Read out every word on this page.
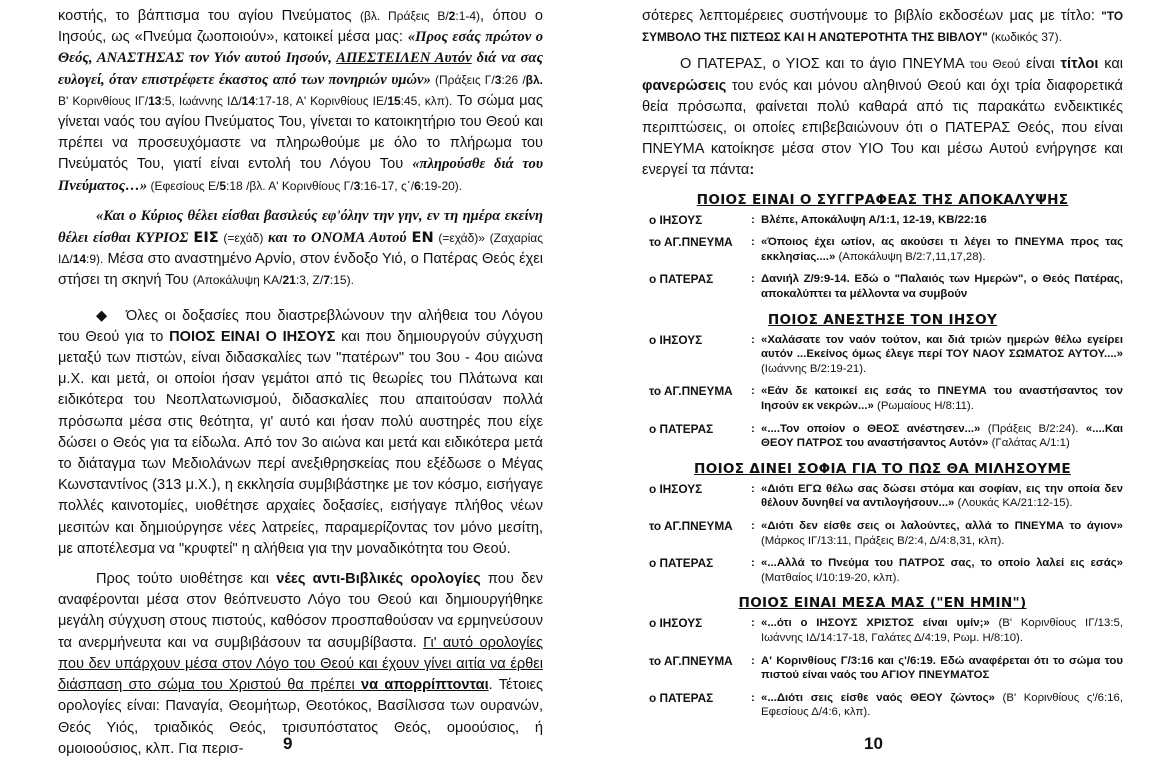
κοστής, το βάπτισμα του αγίου Πνεύματος (βλ. Πράξεις Β/2:1-4), όπου ο Ιησούς, ως «Πνεύμα ζωοποιούν», κατοικεί μέσα μας: «Προς εσάς πρώτον ο Θεός, ΑΝΑΣΤΗΣΑΣ τον Υιόν αυτού Ιησούν, ΑΠΕΣΤΕΙΛΕΝ Αυτόν διά να σας ευλογεί, όταν επιστρέφετε έκαστος από των πονηριών υμών» (Πράξεις Γ/3:26 /βλ. Β' Κορινθίους ΙΓ/13:5, Ιωάννης ΙΔ/14:17-18, Α' Κορινθίους ΙΕ/15:45, κλπ). Το σώμα μας γίνεται ναός του αγίου Πνεύματος Του, γίνεται το κατοικητήριο του Θεού και πρέπει να προσευχόμαστε να πληρωθούμε με όλο το πλήρωμα του Πνεύματός Του, γιατί είναι εντολή του Λόγου Του «πληρούσθε διά του Πνεύματος…» (Εφεσίους Ε/5:18 /βλ. Α' Κορινθίους Γ/3:16-17, ς΄/6:19-20).

«Και ο Κύριος θέλει είσθαι βασιλεύς εφ'όλην την γην, εν τη ημέρα εκείνη θέλει είσθαι ΚΥΡΙΟΣ ΕΙΣ (=εχάδ) και το ΟΝΟΜΑ Αυτού ΕΝ (=εχάδ)» (Ζαχαρίας ΙΔ/14:9). Μέσα στο αναστημένο Αρνίο, στον ένδοξο Υιό, ο Πατέρας Θεός έχει στήσει τη σκηνή Του (Αποκάλυψη ΚΑ/21:3, Ζ/7:15).

◆ Όλες οι δοξασίες που διαστρεβλώνουν την αλήθεια του Λόγου του Θεού για το ΠΟΙΟΣ ΕΙΝΑΙ Ο ΙΗΣΟΥΣ και που δημιουργούν σύγχυση μεταξύ των πιστών, είναι διδασκαλίες των "πατέρων" του 3ου - 4ου αιώνα μ.Χ. και μετά, οι οποίοι ήσαν γεμάτοι από τις θεωρίες του Πλάτωνα και ειδικότερα του Νεοπλατωνισμού, διδασκαλίες που απαιτούσαν πολλά πρόσωπα μέσα στις θεότητα, γι' αυτό και ήσαν πολύ αυστηρές που είχε δώσει ο Θεός για τα είδωλα. Από τον 3ο αιώνα και μετά και ειδικότερα μετά το διάταγμα των Μεδιολάνων περί ανεξιθρησκείας που εξέδωσε ο Μέγας Κωνσταντίνος (313 μ.Χ.), η εκκλησία συμβιβάστηκε με τον κόσμο, εισήγαγε πολλές καινοτομίες, υιοθέτησε αρχαίες δοξασίες, εισήγαγε πλήθος νέων μεσιτών και δημιούργησε νέες λατρείες, παραμερίζοντας τον μόνο μεσίτη, με αποτέλεσμα να "κρυφτεί" η αλήθεια για την μοναδικότητα του Θεού.

Προς τούτο υιοθέτησε και νέες αντι-Βιβλικές ορολογίες που δεν αναφέρονται μέσα στον θεόπνευστο Λόγο του Θεού και δημιουργήθηκε μεγάλη σύγχυση στους πιστούς, καθόσον προσπαθούσαν να ερμηνεύσουν τα ανερμήνευτα και να συμβιβάσουν τα ασυμβίβαστα. Γι' αυτό ορολογίες που δεν υπάρχουν μέσα στον Λόγο του Θεού και έχουν γίνει αιτία να έρθει διάσπαση στο σώμα του Χριστού θα πρέπει να απορρίπτονται. Τέτοιες ορολογίες είναι: Παναγία, Θεομήτωρ, Θεοτόκος, Βασίλισσα των ουρανών, Θεός Υιός, τριαδικός Θεός, τρισυπόστατος Θεός, ομοούσιος, ή ομοιοούσιος, κλπ. Για περισ-	9

σότερες λεπτομέρειες συστήνουμε το βιβλίο εκδοσέων μας με τίτλο: "ΤΟ ΣΥΜΒΟΛΟ ΤΗΣ ΠΙΣΤΕΩΣ ΚΑΙ Η ΑΝΩΤΕΡΟΤΗΤΑ ΤΗΣ ΒΙΒΛΟΥ" (κωδικός 37).

Ο ΠΑΤΕΡΑΣ, ο ΥΙΟΣ και το άγιο ΠΝΕΥΜΑ του Θεού είναι τίτλοι και φανερώσεις του ενός και μόνου αληθινού Θεού και όχι τρία διαφορετικά θεία πρόσωπα, φαίνεται πολύ καθαρά από τις παρακάτω ενδεικτικές περιπτώσεις, οι οποίες επιβεβαιώνουν ότι ο ΠΑΤΕΡΑΣ Θεός, που είναι ΠΝΕΥΜΑ κατοίκησε μέσα στον ΥΙΟ Του και μέσω Αυτού ενήργησε και ενεργεί τα πάντα:

ΠΟΙΟΣ ΕΙΝΑΙ Ο ΣΥΓΓΡΑΦΕΑΣ ΤΗΣ ΑΠΟΚΑΛΥΨΗΣ
ο ΙΗΣΟΥΣ	: Βλέπε, Αποκάλυψη Α/1:1, 12-19, ΚΒ/22:16
το ΑΓ.ΠΝΕΥΜΑ	: «Όποιος έχει ωτίον, ας ακούσει τι λέγει το ΠΝΕΥΜΑ προς τας εκκλησίας....» (Αποκάλυψη Β/2:7,11,17,28).
ο ΠΑΤΕΡΑΣ	: Δανιήλ Ζ/9:9-14. Εδώ ο "Παλαιός των Ημερών", ο Θεός Πατέρας, αποκαλύπτει τα μέλλοντα να συμβούν
ΠΟΙΟΣ ΑΝΕΣΤΗΣΕ ΤΟΝ ΙΗΣΟΥ
ο ΙΗΣΟΥΣ	: «Χαλάσατε τον ναόν τούτον, και διά τριών ημερών θέλω εγείρει αυτόν ...Εκείνος όμως έλεγε περί ΤΟΥ ΝΑΟΥ ΣΩΜΑΤΟΣ ΑΥΤΟΥ....» (Ιωάννης Β/2:19-21).
το ΑΓ.ΠΝΕΥΜΑ	: «Εάν δε κατοικεί εις εσάς το ΠΝΕΥΜΑ του αναστήσαντος τον Ιησούν εκ νεκρών...» (Ρωμαίους Η/8:11).
ο ΠΑΤΕΡΑΣ	: «....Τον οποίον ο ΘΕΟΣ ανέστησεν...» (Πράξεις Β/2:24). «....Και ΘΕΟΥ ΠΑΤΡΟΣ του αναστήσαντος Αυτόν» (Γαλάτας Α/1:1)
ΠΟΙΟΣ ΔΙΝΕΙ ΣΟΦΙΑ ΓΙΑ ΤΟ ΠΩΣ ΘΑ ΜΙΛΗΣΟΥΜΕ
ο ΙΗΣΟΥΣ	: «Διότι ΕΓΩ θέλω σας δώσει στόμα και σοφίαν, εις την οποία δεν θέλουν δυνηθεί να αντιλογήσουν...» (Λουκάς ΚΑ/21:12-15).
το ΑΓ.ΠΝΕΥΜΑ	: «Διότι δεν είσθε σεις οι λαλούντες, αλλά το ΠΝΕΥΜΑ το άγιον» (Μάρκος ΙΓ/13:11, Πράξεις Β/2:4, Δ/4:8,31, κλπ).
ο ΠΑΤΕΡΑΣ	: «...Αλλά το Πνεύμα του ΠΑΤΡΟΣ σας, το οποίο λαλεί εις εσάς» (Ματθαίος Ι/10:19-20, κλπ).
ΠΟΙΟΣ ΕΙΝΑΙ ΜΕΣΑ ΜΑΣ ("ΕΝ ΗΜΙΝ")
ο ΙΗΣΟΥΣ	: «...ότι ο ΙΗΣΟΥΣ ΧΡΙΣΤΟΣ είναι υμίν;» (Β' Κορινθίους ΙΓ/13:5, Ιωάννης ΙΔ/14:17-18, Γαλάτες Δ/4:19, Ρωμ. Η/8:10).
το ΑΓ.ΠΝΕΥΜΑ	: Α' Κορινθίους Γ/3:16 και ς'/6:19. Εδώ αναφέρεται ότι το σώμα του πιστού είναι ναός του ΑΓΙΟΥ ΠΝΕΥΜΑΤΟΣ
ο ΠΑΤΕΡΑΣ	: «...Διότι σεις είσθε ναός ΘΕΟΥ ζώντος» (Β' Κορινθίους ς'/6:16, Εφεσίους Δ/4:6, κλπ).
10
